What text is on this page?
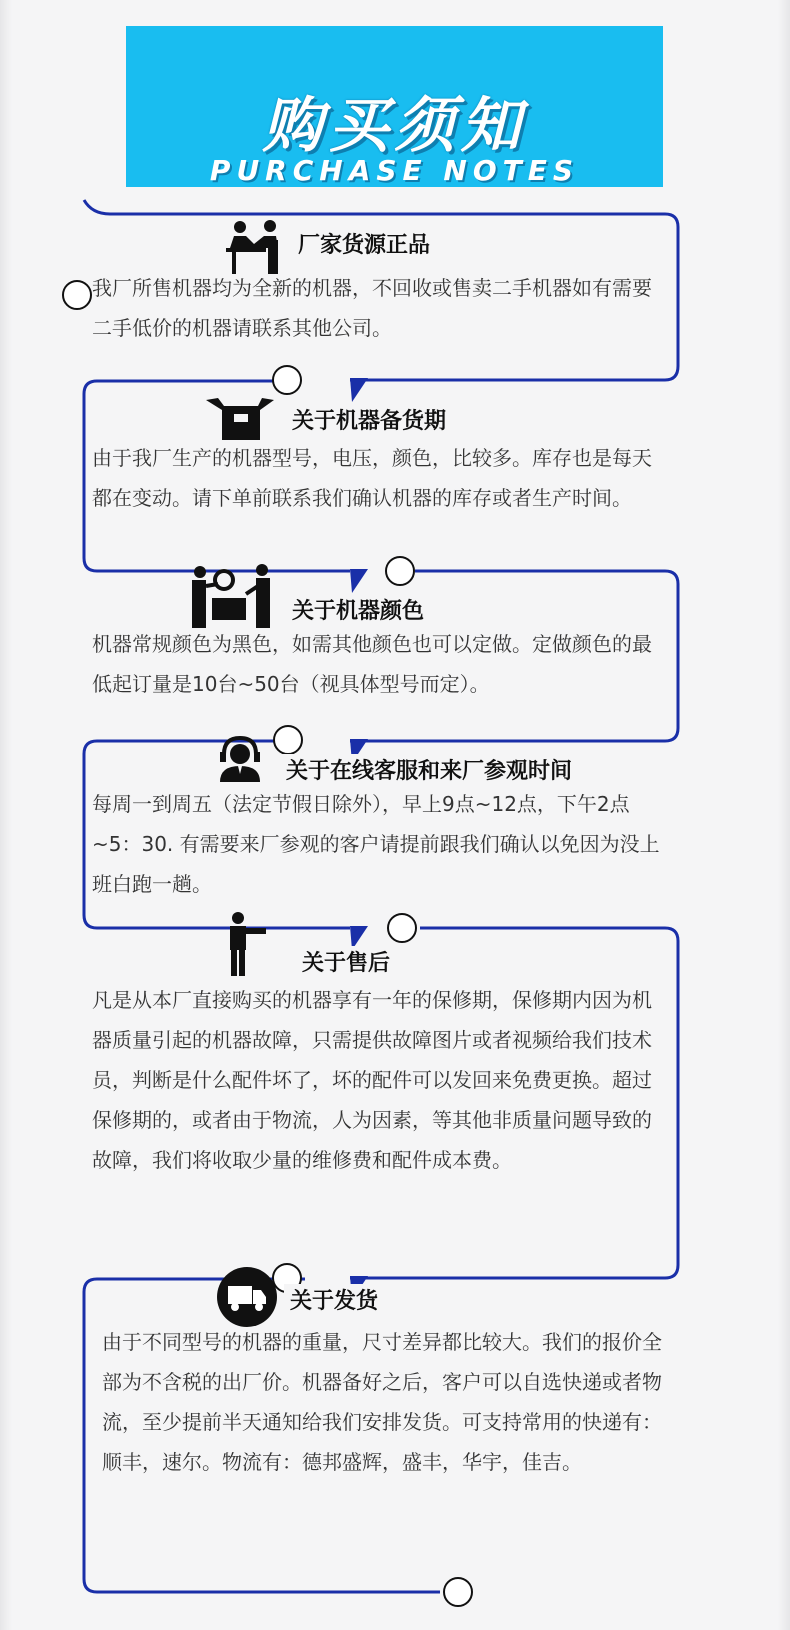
购买须知
PURCHASE NOTES
厂家货源正品
我厂所售机器均为全新的机器，不回收或售卖二手机器如有需要二手低价的机器请联系其他公司。
关于机器备货期
由于我厂生产的机器型号，电压，颜色，比较多。库存也是每天都在变动。请下单前联系我们确认机器的库存或者生产时间。
关于机器颜色
机器常规颜色为黑色，如需其他颜色也可以定做。定做颜色的最低起订量是10台~50台（视具体型号而定）。
关于在线客服和来厂参观时间
每周一到周五（法定节假日除外），早上9点~12点，下午2点~5：30. 有需要来厂参观的客户请提前跟我们确认以免因为没上班白跑一趟。
关于售后
凡是从本厂直接购买的机器享有一年的保修期，保修期内因为机器质量引起的机器故障，只需提供故障图片或者视频给我们技术员，判断是什么配件坏了，坏的配件可以发回来免费更换。超过保修期的，或者由于物流，人为因素，等其他非质量问题导致的故障，我们将收取少量的维修费和配件成本费。
关于发货
由于不同型号的机器的重量，尺寸差异都比较大。我们的报价全部为不含税的出厂价。机器备好之后，客户可以自选快递或者物流，至少提前半天通知给我们安排发货。可支持常用的快递有：顺丰，速尔。物流有：德邦盛辉，盛丰，华宇，佳吉。
